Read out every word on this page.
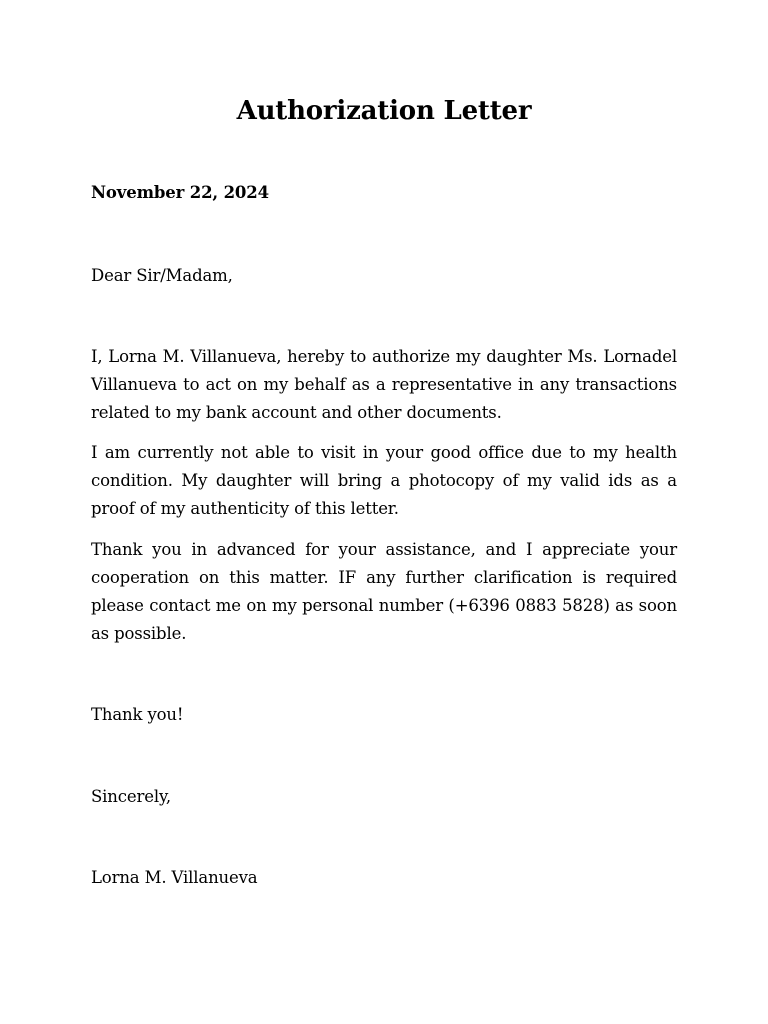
Authorization Letter
November 22, 2024
Dear Sir/Madam,

I, Lorna M. Villanueva, hereby to authorize my daughter Ms. Lornadel Villanueva to act on my behalf as a representative in any transactions related to my bank account and other documents.

I am currently not able to visit in your good office due to my health condition. My daughter will bring a photocopy of my valid ids as a proof of my authenticity of this letter.

Thank you in advanced for your assistance, and I appreciate your cooperation on this matter. IF any further clarification is required please contact me on my personal number (+6396 0883 5828) as soon as possible.

Thank you!
Sincerely,
Lorna M. Villanueva
